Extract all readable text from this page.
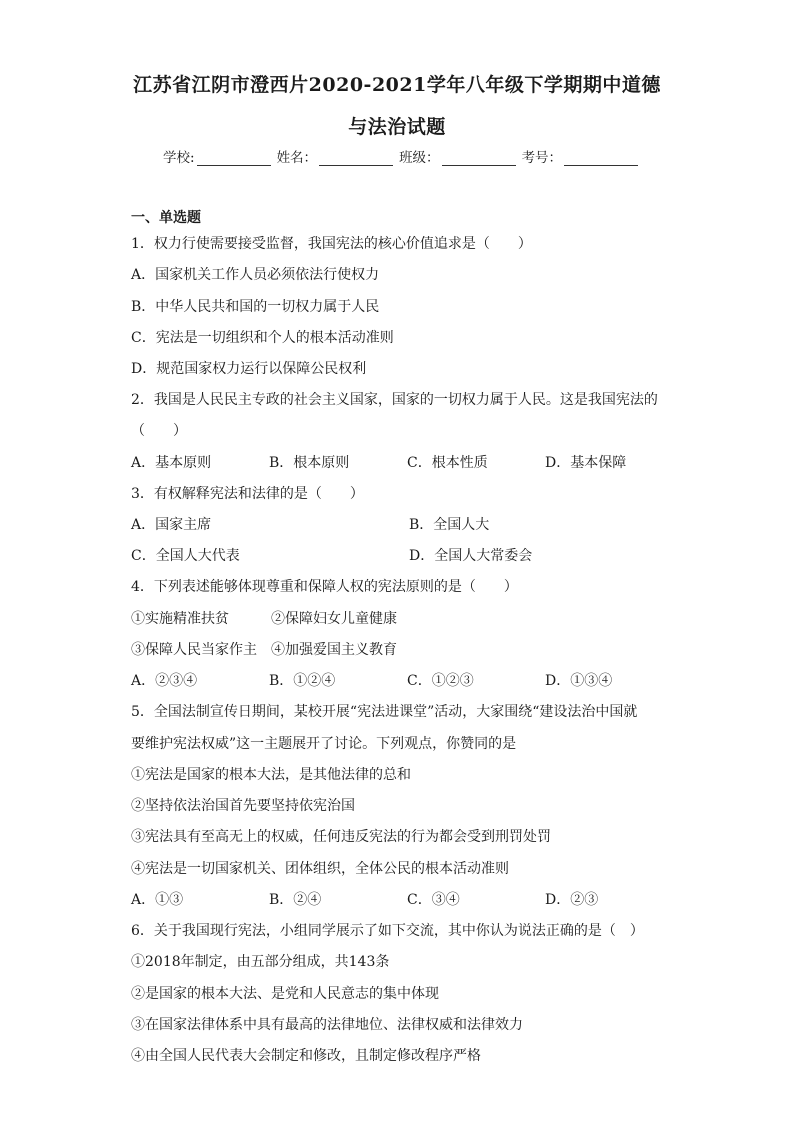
江苏省江阴市澄西片2020-2021学年八年级下学期期中道德
与法治试题
学校:	姓名：	班级：	考号：
一、单选题
1．权力行使需要接受监督，我国宪法的核心价值追求是（　　）
A．国家机关工作人员必须依法行使权力
B．中华人民共和国的一切权力属于人民
C．宪法是一切组织和个人的根本活动准则
D．规范国家权力运行以保障公民权利
2．我国是人民民主专政的社会主义国家，国家的一切权力属于人民。这是我国宪法的
（　　）
A．基本原则	B．根本原则	C．根本性质	D．基本保障
3．有权解释宪法和法律的是（　　）
A．国家主席	B．全国人大
C．全国人大代表	D．全国人大常委会
4．下列表述能够体现尊重和保障人权的宪法原则的是（　　）
①实施精准扶贫	②保障妇女儿童健康
③保障人民当家作主 ④加强爱国主义教育
A．②③④	B．①②④	C．①②③	D．①③④
5．全国法制宣传日期间，某校开展“宪法进课堂”活动，大家围绕“建设法治中国就
要维护宪法权威”这一主题展开了讨论。下列观点，你赞同的是
①宪法是国家的根本大法，是其他法律的总和
②坚持依法治国首先要坚持依宪治国
③宪法具有至高无上的权威，任何违反宪法的行为都会受到刑罚处罚
④宪法是一切国家机关、团体组织，全体公民的根本活动准则
A．①③	B．②④	C．③④	D．②③
6．关于我国现行宪法，小组同学展示了如下交流，其中你认为说法正确的是（　）
①2018年制定，由五部分组成，共143条
②是国家的根本大法、是党和人民意志的集中体现
③在国家法律体系中具有最高的法律地位、法律权威和法律效力
④由全国人民代表大会制定和修改，且制定修改程序严格
